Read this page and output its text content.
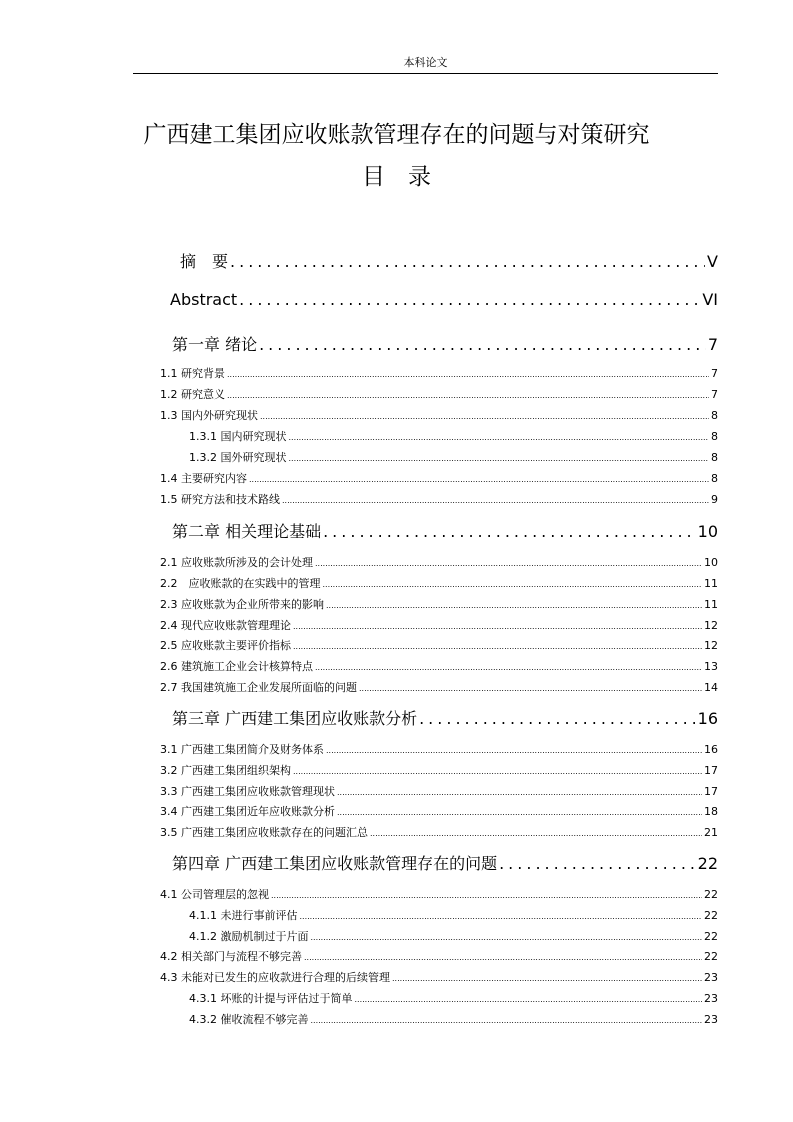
本科论文
广西建工集团应收账款管理存在的问题与对策研究
目　录
摘　要 .....	V
Abstract .....	VI
第一章 绪论 .....	7
1.1 研究背景 .....	7
1.2 研究意义 .....	7
1.3 国内外研究现状 .....	8
1.3.1 国内研究现状 .....	8
1.3.2 国外研究现状 .....	8
1.4 主要研究内容 .....	8
1.5 研究方法和技术路线 .....	9
第二章 相关理论基础 .....	10
2.1 应收账款所涉及的会计处理 .....	10
2.2　应收账款的在实践中的管理 .....	11
2.3 应收账款为企业所带来的影响 .....	11
2.4 现代应收账款管理理论 .....	12
2.5 应收账款主要评价指标 .....	12
2.6 建筑施工企业会计核算特点 .....	13
2.7 我国建筑施工企业发展所面临的问题 .....	14
第三章 广西建工集团应收账款分析 .....	16
3.1 广西建工集团简介及财务体系 .....	16
3.2 广西建工集团组织架构 .....	17
3.3 广西建工集团应收账款管理现状 .....	17
3.4 广西建工集团近年应收账款分析 .....	18
3.5 广西建工集团应收账款存在的问题汇总 .....	21
第四章 广西建工集团应收账款管理存在的问题 .....	22
4.1 公司管理层的忽视 .....	22
4.1.1 未进行事前评估 .....	22
4.1.2 激励机制过于片面 .....	22
4.2 相关部门与流程不够完善 .....	22
4.3 未能对已发生的应收款进行合理的后续管理 .....	23
4.3.1 坏账的计提与评估过于简单 .....	23
4.3.2 催收流程不够完善 .....	23
